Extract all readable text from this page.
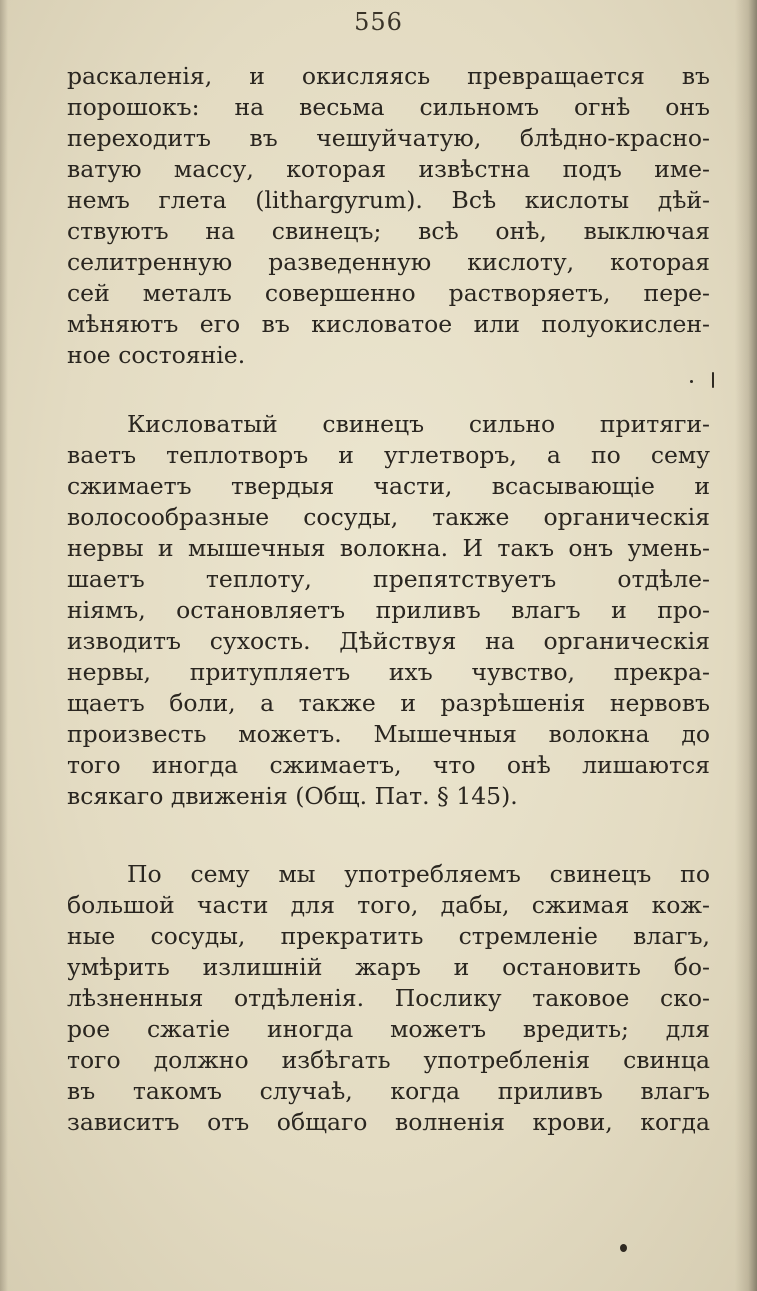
556
раскаленія, и окисляясь превращается въ
порошокъ: на весьма сильномъ огнѣ онъ
переходитъ въ чешуйчатую, блѣдно-красно-
ватую массу, которая извѣстна подъ име-
немъ глета (lithargyrum). Всѣ кислоты дѣй-
ствуютъ на свинецъ; всѣ онѣ, выключая
селитренную разведенную кислоту, которая
сей металъ совершенно растворяетъ, пере-
мѣняютъ его въ кисловатое или полуокислен-
ное состояніе.
Кисловатый свинецъ сильно притяги-
ваетъ теплотворъ и углетворъ, а по сему
сжимаетъ твердыя части, всасывающіе и
волосообразные сосуды, также органическія
нервы и мышечныя волокна. И такъ онъ умень-
шаетъ теплоту, препятствуетъ отдѣле-
ніямъ, остановляетъ приливъ влагъ и про-
изводитъ сухость. Дѣйствуя на органическія
нервы, притупляетъ ихъ чувство, прекра-
щаетъ боли, а также и разрѣшенія нервовъ
произвесть можетъ. Мышечныя волокна до
того иногда сжимаетъ, что онѣ лишаются
всякаго движенія (Общ. Пат. § 145).
По сему мы употребляемъ свинецъ по
большой части для того, дабы, сжимая кож-
ные сосуды, прекратить стремленіе влагъ,
умѣрить излишній жаръ и остановить бо-
лѣзненныя отдѣленія. Послику таковое ско-
рое сжатіе иногда можетъ вредить; для
того должно избѣгать употребленія свинца
въ такомъ случаѣ, когда приливъ влагъ
зависитъ отъ общаго волненія крови, когда
